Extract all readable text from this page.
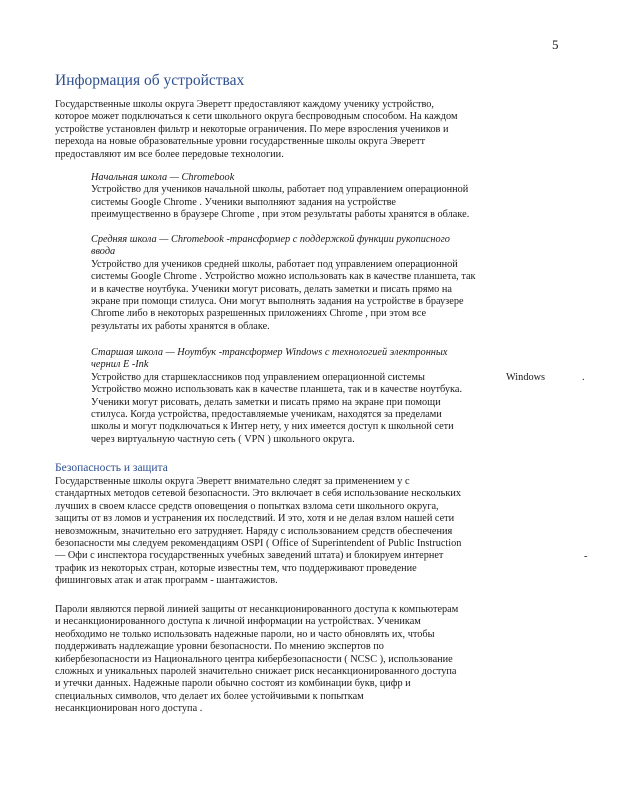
5
Информация об устройствах
Государственные школы округа Эверетт предоставляют каждому ученику устройство,
которое может подключаться к сети школьного округа беспроводным способом. На каждом
устройстве установлен фильтр и некоторые ограничения. По мере взросления учеников и
перехода на новые образовательные уровни государственные школы округа Эверетт
предоставляют им все более передовые технологии.
Начальная школа — Chromebook
Устройство для учеников начальной школы, работает под управлением операционной
системы Google Chrome . Ученики выполняют задания на устройстве
преимущественно в браузере Chrome , при этом результаты работы хранятся в облаке.
Средняя школа — Chromebook -трансформер с поддержкой функции рукописного
ввода
Устройство для учеников средней школы, работает под управлением операционной
системы Google Chrome . Устройство можно использовать как в качестве планшета, так
и в качестве ноутбука. Ученики могут рисовать, делать заметки и писать прямо на
экране при помощи стилуса. Они могут выполнять задания на устройстве в браузере
Chrome либо в некоторых разрешенных приложениях Chrome , при этом все
результаты их работы хранятся в облаке.
Старшая школа — Ноутбук -трансформер Windows с технологией электронных
чернил E -Ink
Устройство для старшеклассников под управлением операционной системы
Устройство можно использовать как в качестве планшета, так и в качестве ноутбука.
Ученики могут рисовать, делать заметки и писать прямо на экране при помощи
стилуса. Когда устройства, предоставляемые ученикам, находятся за пределами
школы и могут подключаться к Интер нету, у них имеется доступ к школьной сети
через виртуальную частную сеть ( VPN ) школьного округа.
Windows	.
Безопасность и защита
Государственные школы округа Эверетт внимательно следят за применением у с
стандартных методов сетевой безопасности. Это включает в себя использование нескольких
лучших в своем классе средств оповещения о попытках взлома сети школьного округа,
защиты от вз ломов и устранения их последствий. И это, хотя и не делая взлом нашей сети
невозможным, значительно его затрудняет. Наряду с использованием средств обеспечения
безопасности мы следуем рекомендациям OSPI ( Office of Superintendent of Public Instruction
— Офи с инспектора государственных учебных заведений штата) и блокируем интернет
трафик из некоторых стран, которые известны тем, что поддерживают проведение
фишинговых атак и атак программ - шантажистов.
-
Пароли являются первой линией защиты от несанкционированного доступа к компьютерам
и несанкционированного доступа к личной информации на устройствах. Ученикам
необходимо не только использовать надежные пароли, но и часто обновлять их, чтобы
поддерживать надлежащие уровни безопасности. По мнению экспертов по
кибербезопасности из Национального центра кибербезопасности ( NCSC ), использование
сложных и уникальных паролей значительно снижает риск несанкционированного доступа
и утечки данных. Надежные пароли обычно состоят из комбинации букв, цифр и
специальных символов, что делает их более устойчивыми к попыткам
несанкционирован ного доступа .
